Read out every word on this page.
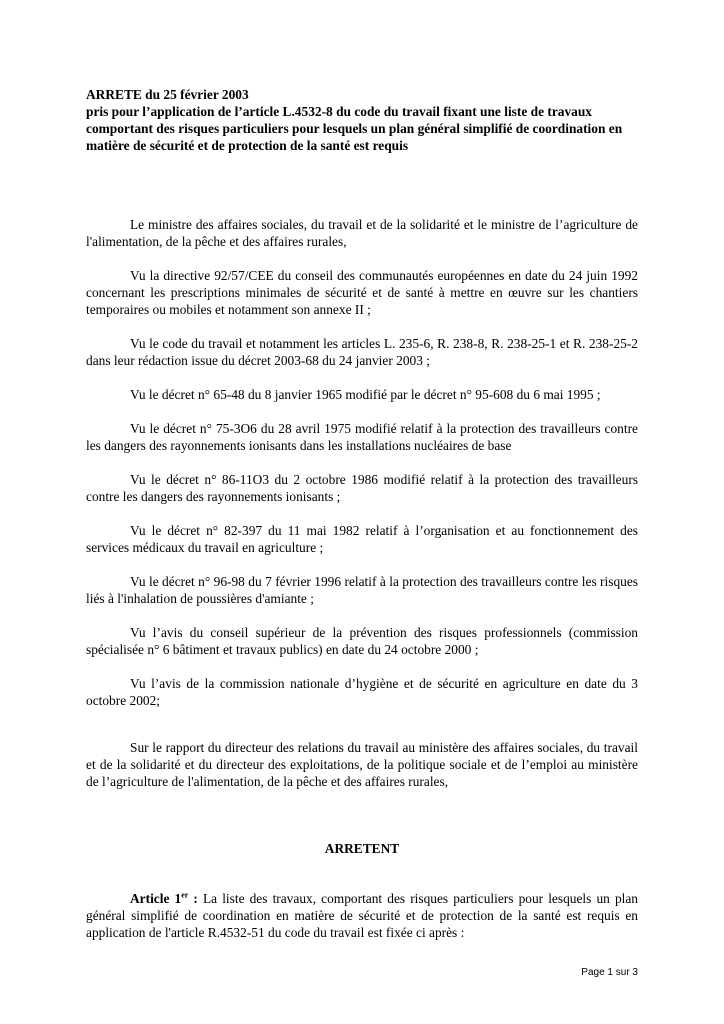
ARRETE du 25 février 2003

pris pour l’application de l’article L.4532-8 du code du travail fixant une liste de travaux comportant des risques particuliers pour lesquels un plan général simplifié de coordination en matière de sécurité et de protection de la santé est requis

Le ministre des affaires sociales, du travail et de la solidarité et le ministre de l’agriculture de l'alimentation, de la pêche et des affaires rurales,

Vu la directive 92/57/CEE du conseil des communautés européennes en date du 24 juin 1992 concernant les prescriptions minimales de sécurité et de santé à mettre en œuvre sur les chantiers temporaires ou mobiles et notamment son annexe II ;

Vu le code du travail et notamment les articles L. 235-6, R. 238-8, R. 238-25-1 et R. 238-25-2 dans leur rédaction issue du décret 2003-68 du 24 janvier 2003 ;

Vu le décret n° 65-48 du 8 janvier 1965 modifié par le décret n° 95-608 du 6 mai 1995 ;

Vu le décret n° 75-3O6 du 28 avril 1975 modifié relatif à la protection des travailleurs contre les dangers des rayonnements ionisants dans les installations nucléaires de base

Vu le décret n° 86-11O3 du 2 octobre 1986 modifié relatif à la protection des travailleurs contre les dangers des rayonnements ionisants ;

Vu le décret n° 82-397 du 11 mai 1982 relatif à l’organisation et au fonctionnement des services médicaux du travail en agriculture ;

Vu le décret n° 96-98 du 7 février 1996 relatif à la protection des travailleurs contre les risques liés à l'inhalation de poussières d'amiante ;

Vu l’avis du conseil supérieur de la prévention des risques professionnels (commission spécialisée n° 6 bâtiment et travaux publics) en date du 24 octobre 2000 ;

Vu l’avis de la commission nationale d’hygiène et de sécurité en agriculture en date du 3 octobre 2002;

Sur le rapport du directeur des relations du travail au ministère des affaires sociales, du travail et de la solidarité et du directeur des exploitations, de la politique sociale et de l’emploi au ministère de l’agriculture de l'alimentation, de la pêche et des affaires rurales,

ARRETENT

Article 1er : La liste des travaux, comportant des risques particuliers pour lesquels un plan général simplifié de coordination en matière de sécurité et de protection de la santé est requis en application de l'article R.4532-51 du code du travail est fixée ci après :

Page 1 sur 3
